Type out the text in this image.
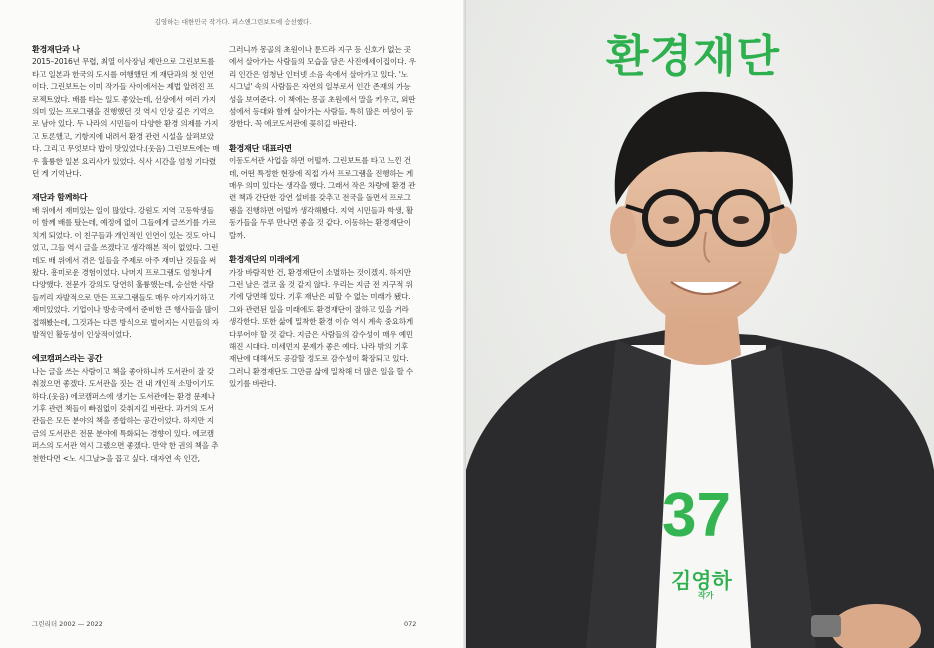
김영하는 대한민국 작가다. 피스앤그린보트에 승선했다.
환경재단과 나

2015–2016년 무렵, 최열 이사장님 제안으로 그린보트를 타고 일본과 한국의 도시를 여행했던 게 재단과의 첫 인연이다. 그린보트는 이미 작가들 사이에서는 제법 알려진 프로젝트였다. 배를 타는 일도 좋았는데, 선상에서 여러 가지 의미 있는 프로그램을 진행했던 것 역시 인상 깊은 기억으로 남아 있다. 두 나라의 시민들이 다양한 환경 의제를 가지고 토론했고, 기항지에 내려서 환경 관련 시설을 살펴보았다. 그리고 무엇보다 밥이 맛있었다.(웃음) 그린보트에는 매우 훌륭한 일본 요리사가 있었다. 식사 시간을 엄청 기다렸던 게 기억난다.

재단과 함께하다

배 위에서 재미있는 일이 많았다. 강원도 지역 고등학생들이 함께 배를 탔는데, 예정에 없이 그들에게 글쓰기를 가르치게 되었다. 이 친구들과 개인적인 인연이 있는 것도 아니었고, 그들 역시 글을 쓰겠다고 생각해본 적이 없었다. 그런데도 배 위에서 겪은 일들을 주제로 아주 재미난 것들을 써왔다. 흥미로운 경험이었다. 나머지 프로그램도 엄청나게 다양했다. 전문가 강의도 당연히 훌륭했는데, 승선한 사람들끼리 자발적으로 만든 프로그램들도 매우 아기자기하고 재미있었다. 기업이나 방송국에서 준비한 큰 행사들을 많이 접해봤는데, 그것과는 다른 방식으로 벌어지는 시민들의 자발적인 활동성이 인상적이었다.

에코캠퍼스라는 공간

나는 글을 쓰는 사람이고 책을 좋아하니까 도서관이 잘 갖춰졌으면 좋겠다. 도서관을 짓는 건 내 개인적 소망이기도 하다.(웃음) 에코캠퍼스에 생기는 도서관에는 환경 문제나 기후 관련 책들이 빠짐없이 갖춰지길 바란다. 과거의 도서관들은 모든 분야의 책을 종합하는 공간이었다. 하지만 지금의 도서관은 전문 분야에 특화되는 경향이 있다. 에코캠퍼스의 도서관 역시 그랬으면 좋겠다. 만약 한 권의 책을 추천한다면 <노 시그날>을 꼽고 싶다. 대자연 속 인간,

그러니까 몽골의 초원이나 툰드라 지구 등 신호가 없는 곳에서 살아가는 사람들의 모습을 담은 사진에세이집이다. 우리 인간은 엄청난 인터넷 소음 속에서 살아가고 있다. '노 시그널' 속의 사람들은 자연의 일부로서 인간 존재의 가능성을 보여준다. 이 책에는 몽골 초원에서 말을 키우고, 외딴섬에서 등대와 함께 살아가는 사람들, 특히 많은 여성이 등장한다. 꼭 에코도서관에 꽂히길 바란다.

환경재단 대표라면

이동도서관 사업을 하면 어떨까. 그린보트를 타고 느낀 건데, 어떤 특정한 현장에 직접 가서 프로그램을 진행하는 게 매우 의미 있다는 생각을 했다. 그래서 작은 차량에 환경 관련 책과 간단한 강연 설비를 갖추고 전국을 돌면서 프로그램을 진행하면 어떨까 생각해봤다. 지역 시민들과 학생, 활동가들을 두루 만나면 좋을 것 같다. 이동하는 환경재단이랄까.

환경재단의 미래에게

가장 바람직한 건, 환경재단이 소멸하는 것이겠지. 하지만 그런 날은 결코 올 것 같지 않다. 우리는 지금 전 지구적 위기에 당면해 있다. 기후 재난은 피할 수 없는 미래가 됐다. 그와 관련된 일을 미래에도 환경재단이 잘하고 있을 거라 생각한다. 또한 삶에 밀착한 환경 이슈 역시 계속 중요하게 다루어야 할 것 같다. 지금은 사람들의 감수성이 매우 예민해진 시대다. 미세먼지 문제가 좋은 예다. 나라 밖의 기후 재난에 대해서도 공감할 정도로 감수성이 확장되고 있다. 그러니 환경재단도 그만큼 삶에 밀착해 더 많은 일을 할 수 있기를 바란다.

그린리더 2002 — 2022	072
환경재단
37
김영하
작가
